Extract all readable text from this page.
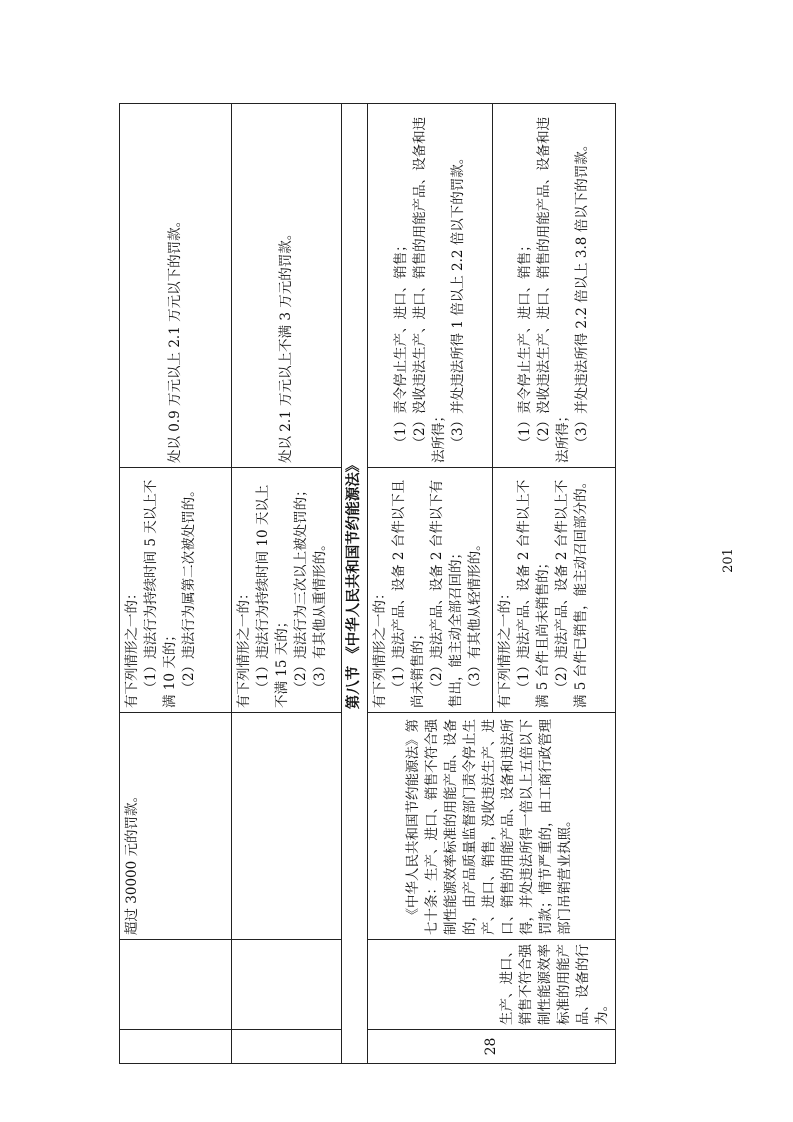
		超过 30000 元的罚款。	有下列情形之一的： （1）违法行为持续时间 5 天以上不满 10 天的； （2）违法行为属第二次被处罚的。	处以 0.9 万元以上 2.1 万元以下的罚款。

			有下列情形之一的： （1）违法行为持续时间 10 天以上不满 15 天的； （2）违法行为三次以上被处罚的； （3）有其他从重情形的。	处以 2.1 万元以上不满 3 万元的罚款。

第八节 《中华人民共和国节约能源法》				
28	生产、进口、销售不符合强制性能源效率标准的用能产品、设备的行为。	《中华人民共和国节约能源法》第七十条：生产、进口、销售不符合强制性能源效率标准的用能产品、设备的，由产品质量监督部门责令停止生产、进口、销售，没收违法生产、进口、销售的用能产品、设备和违法所得，并处违法所得一倍以上五倍以下罚款；情节严重的，由工商行政管理部门吊销营业执照。	有下列情形之一的： （1）违法产品、设备 2 台件以下且尚未销售的； （2）违法产品、设备 2 台件以下有售出，能主动全部召回的； （3）有其他从轻情形的。	（1）责令停止生产、进口、销售； （2）没收违法生产、进口、销售的用能产品、设备和违法所得； （3）并处违法所得 1 倍以上 2.2 倍以下的罚款。

			有下列情形之一的： （1）违法产品、设备 2 台件以上不满 5 台件且尚未销售的； （2）违法产品、设备 2 台件以上不满 5 台件已销售，能主动召回部分的。	（1）责令停止生产、进口、销售； （2）没收违法生产、进口、销售的用能产品、设备和违法所得； （3）并处违法所得 2.2 倍以上 3.8 倍以下的罚款。
201
